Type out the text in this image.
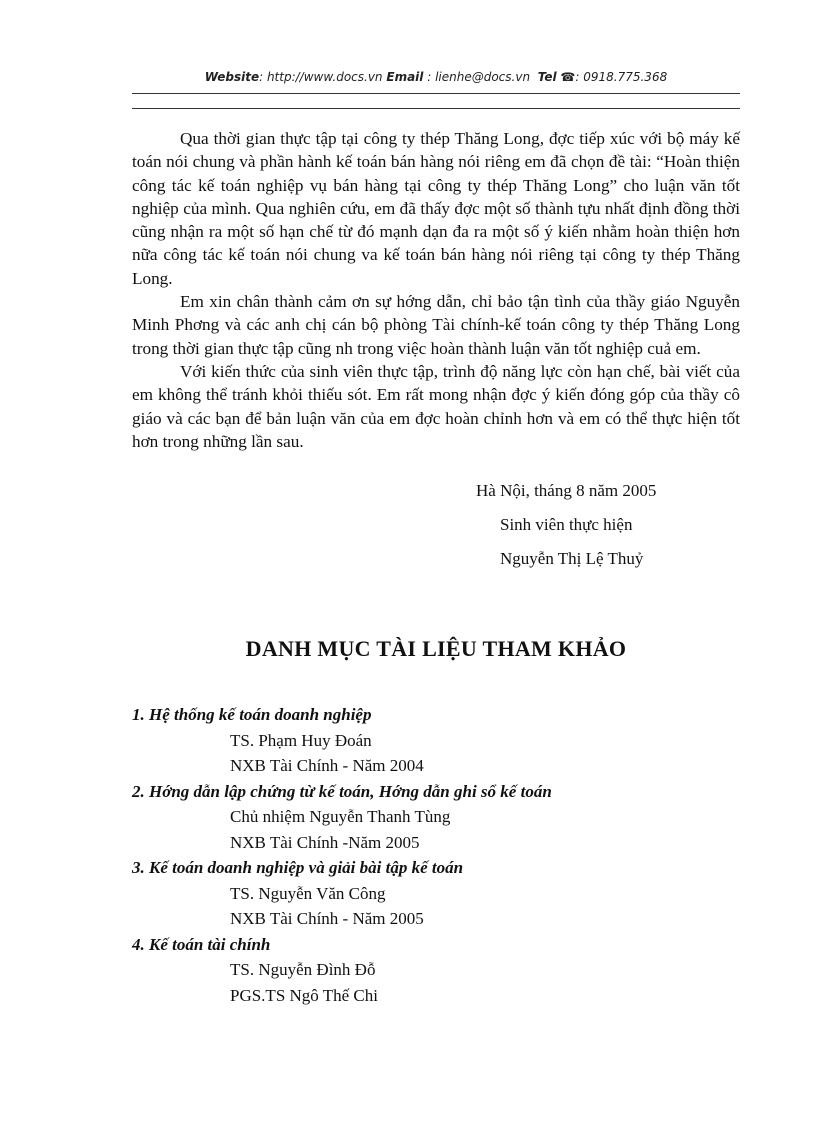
Website: http://www.docs.vn Email : lienhe@docs.vn Tel ☎: 0918.775.368

Qua thời gian thực tập tại công ty thép Thăng Long, đợc tiếp xúc với bộ máy kế toán nói chung và phần hành kế toán bán hàng nói riêng em đã chọn đề tài: “Hoàn thiện công tác kế toán nghiệp vụ bán hàng tại công ty thép Thăng Long” cho luận văn tốt nghiệp của mình. Qua nghiên cứu, em đã thấy đợc một số thành tựu nhất định đồng thời cũng nhận ra một số hạn chế từ đó mạnh dạn đa ra một số ý kiến nhằm hoàn thiện hơn nữa công tác kế toán nói chung va kế toán bán hàng nói riêng tại công ty thép Thăng Long.

Em xin chân thành cảm ơn sự hớng dẫn, chỉ bảo tận tình của thầy giáo Nguyễn Minh Phơng và các anh chị cán bộ phòng Tài chính-kế toán công ty thép Thăng Long trong thời gian thực tập cũng nh trong việc hoàn thành luận văn tốt nghiệp cuả em.

Với kiến thức của sinh viên thực tập, trình độ năng lực còn hạn chế, bài viết của em không thể tránh khỏi thiếu sót. Em rất mong nhận đợc ý kiến đóng góp của thầy cô giáo và các bạn để bản luận văn của em đợc hoàn chỉnh hơn và em có thể thực hiện tốt hơn trong những lần sau.

Hà Nội, tháng 8 năm 2005
Sinh viên thực hiện
Nguyễn Thị Lệ Thuỷ
DANH MỤC TÀI LIỆU THAM KHẢO
1. Hệ thống kế toán doanh nghiệp
TS. Phạm Huy Đoán
NXB Tài Chính - Năm 2004
2. Hớng dẫn lập chứng từ kế toán, Hớng dẫn ghi sổ kế toán
Chủ nhiệm Nguyễn Thanh Tùng
NXB Tài Chính -Năm 2005
3. Kế toán doanh nghiệp và giải bài tập kế toán
TS. Nguyễn Văn Công
NXB Tài Chính - Năm 2005
4. Kế toán tài chính
TS. Nguyễn Đình Đỗ
PGS.TS Ngô Thế Chi
